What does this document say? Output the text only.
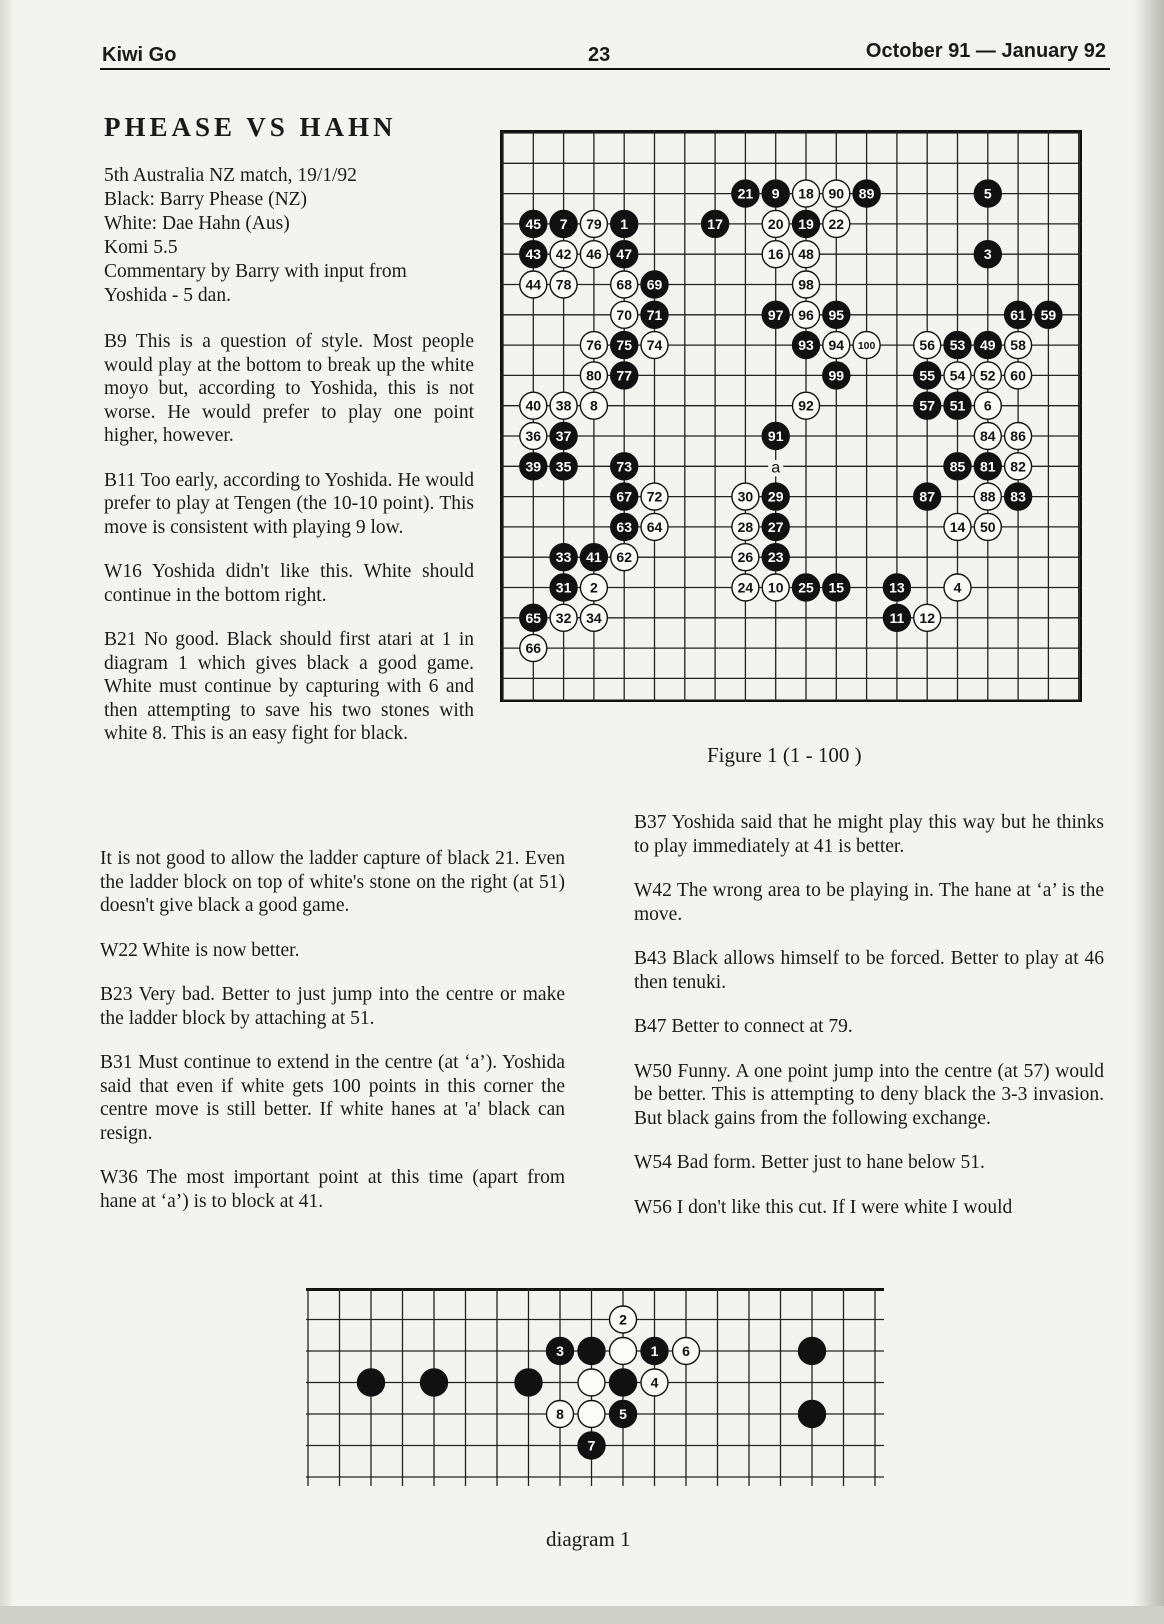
Kiwi Go	23	October 91 — January 92
PHEASE VS HAHN
5th Australia NZ match, 19/1/92
Black: Barry Phease (NZ)
White: Dae Hahn (Aus)
Komi 5.5
Commentary by Barry with input from
Yoshida - 5 dan.

B9 This is a question of style. Most people would play at the bottom to break up the white moyo but, according to Yoshida, this is not worse. He would prefer to play one point higher, however.

B11 Too early, according to Yoshida. He would prefer to play at Tengen (the 10-10 point). This move is consistent with playing 9 low.

W16 Yoshida didn't like this. White should continue in the bottom right.

B21 No good. Black should first atari at 1 in diagram 1 which gives black a good game. White must continue by capturing with 6 and then attempting to save his two stones with white 8. This is an easy fight for black.

It is not good to allow the ladder capture of black 21. Even the ladder block on top of white's stone on the right (at 51) doesn't give black a good game.

W22 White is now better.

B23 Very bad. Better to just jump into the centre or make the ladder block by attaching at 51.

B31 Must continue to extend in the centre (at ‘a’). Yoshida said that even if white gets 100 points in this corner the centre move is still better. If white hanes at 'a' black can resign.

W36 The most important point at this time (apart from hane at ‘a’) is to block at 41.

B37 Yoshida said that he might play this way but he thinks to play immediately at 41 is better.

W42 The wrong area to be playing in. The hane at ‘a’ is the move.

B43 Black allows himself to be forced. Better to play at 46 then tenuki.

B47 Better to connect at 79.

W50 Funny. A one point jump into the centre (at 57) would be better. This is attempting to deny black the 3-3 invasion. But black gains from the following exchange.

W54 Bad form. Better just to hane below 51.

W56 I don't like this cut. If I were white I would

a
21 9 18 90 89	5
45 7 79 1	17	20 19 22
43 42 46 47	16 48	3
44 78	68 69	98
70 71	97 96 95	61 59
76 75 74	93 94 100	56 53 49 58
80 77	99	55 54 52 60
40 38 8	92	57 51 6
36 37	91	84 86
39 35	73	85 81 82
67 72	30 29	87	88 83
63 64	28 27	14 50
33 41 62	26 23
31 2	24 10 25 15	13	4
65 32 34	11 12
66
Figure 1 (1 - 100 )
2
3	1 6
4
8	5
7
diagram 1
